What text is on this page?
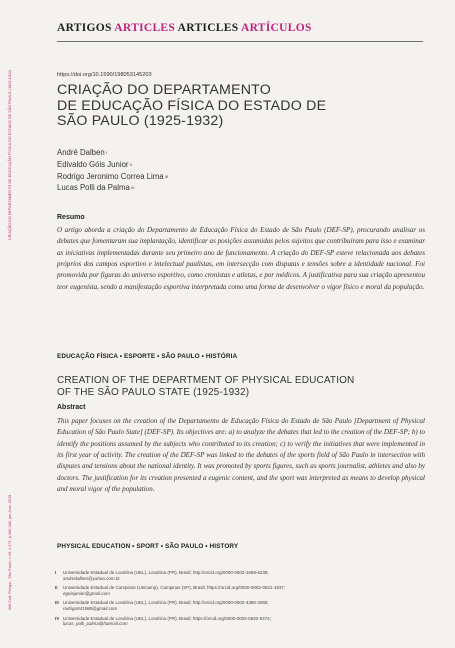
CRIAÇÃO DO DEPARTAMENTO DE EDUCAÇÃO FÍSICA DO ESTADO DE SÃO PAULO (1925-1932)
366 Cad. Pesqui., São Paulo, v.49, n.171, p.366-386, jan./mar. 2019
ARTIGOS ARTICLES ARTICLES ARTÍCULOS
https://doi.org/10.1590/198053145203
CRIAÇÃO DO DEPARTAMENTO
DE EDUCAÇÃO FÍSICA DO ESTADO DE
SÃO PAULO (1925-1932)
André Dalben$^I$
Edivaldo Góis Junior$^{II}$
Rodrigo Jeronimo Correa Lima$^{III}$
Lucas Polli da Palma$^{IV}$
Resumo
O artigo aborda a criação do Departamento de Educação Física do Estado de São Paulo (DEF-SP), procurando analisar os debates que fomentaram sua implantação, identificar as posições assumidas pelos sujeitos que contribuíram para isso e examinar as iniciativas implementadas durante seu primeiro ano de funcionamento. A criação do DEF-SP esteve relacionada aos debates próprios dos campos esportivo e intelectual paulistas, em intersecção com disputas e tensões sobre a identidade nacional. Foi promovida por figuras do universo esportivo, como cronistas e atletas, e por médicos. A justificativa para sua criação apresentou teor eugenista, sendo a manifestação esportiva interpretada como uma forma de desenvolver o vigor físico e moral da população.
EDUCAÇÃO FÍSICA • ESPORTE • SÃO PAULO • HISTÓRIA
CREATION OF THE DEPARTMENT OF PHYSICAL EDUCATION
OF THE SÃO PAULO STATE (1925-1932)
Abstract
This paper focuses on the creation of the Departamento de Educação Física do Estado de São Paulo [Department of Physical Education of São Paulo State] (DEF-SP). Its objectives are: a) to analyze the debates that led to the creation of the DEF-SP; b) to identify the positions assumed by the subjects who contributed to its creation; c) to verify the initiatives that were implemented in its first year of activity. The creation of the DEF-SP was linked to the debates of the sports field of São Paulo in intersection with disputes and tensions about the national identity. It was promoted by sports figures, such as sports journalist, athletes and also by doctors. The justification for its creation presented a eugenic content, and the sport was interpreted as means to develop physical and moral vigor of the population.
PHYSICAL EDUCATION • SPORT • SÃO PAULO • HISTORY
I	Universidade Estadual de Londrina (UEL), Londrina (PR), Brasil; http://orcid.org/0000-0003-1689-6238;
andredalben@yahoo.com.br
II	Universidade Estadual de Campinas (Unicamp), Campinas (SP), Brasil; https://orcid.org/0000-0002-0521-1937;
egoisjunior@gmail.com
III Universidade Estadual de Londrina (UEL), Londrina (PR), Brasil; http://orcid.org/0000-0002-4380-2068;
rodrigo941988@gmail.com
IV Universidade Estadual de Londrina (UEL), Londrina (PR), Brasil; https://orcid.org/0000-0002-0832-5374;
lucas_polli_palma@hotmail.com
